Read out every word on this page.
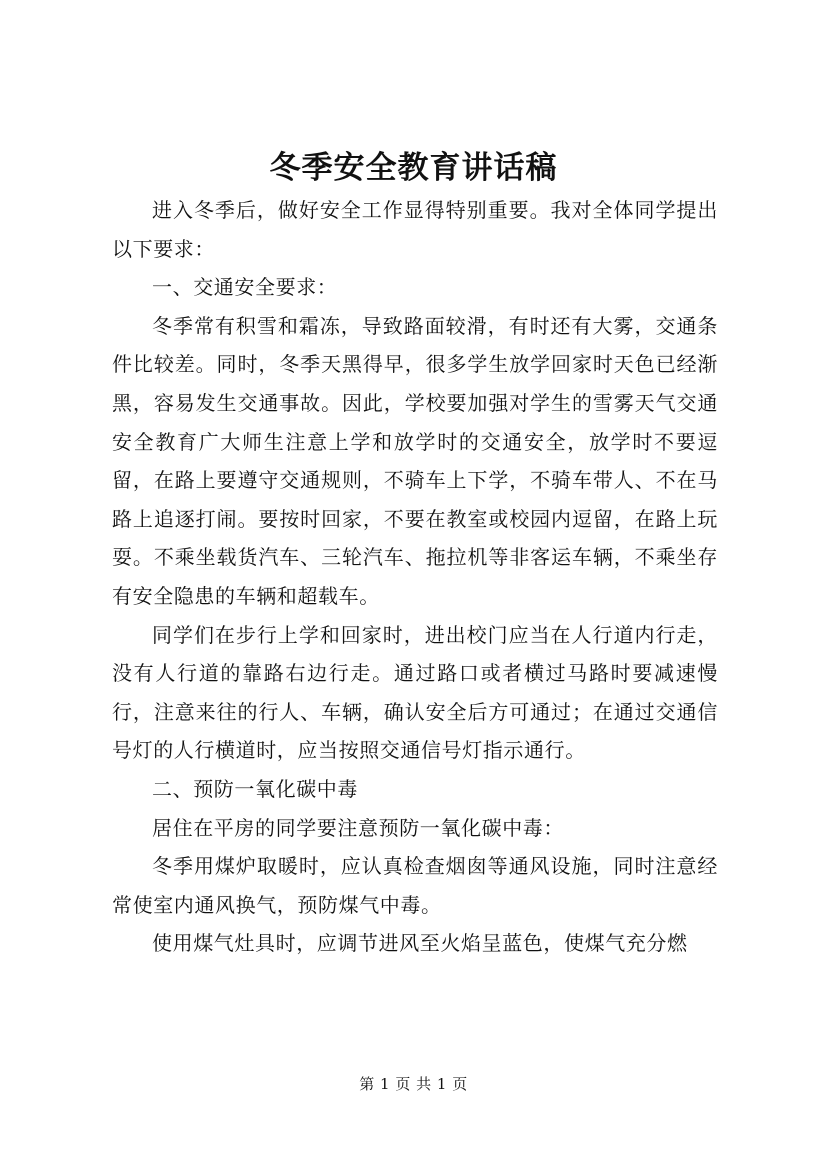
冬季安全教育讲话稿

进入冬季后，做好安全工作显得特别重要。我对全体同学提出以下要求：

一、交通安全要求：

冬季常有积雪和霜冻，导致路面较滑，有时还有大雾，交通条件比较差。同时，冬季天黑得早，很多学生放学回家时天色已经渐黑，容易发生交通事故。因此，学校要加强对学生的雪雾天气交通安全教育广大师生注意上学和放学时的交通安全，放学时不要逗留，在路上要遵守交通规则，不骑车上下学，不骑车带人、不在马路上追逐打闹。要按时回家，不要在教室或校园内逗留，在路上玩耍。不乘坐载货汽车、三轮汽车、拖拉机等非客运车辆，不乘坐存有安全隐患的车辆和超载车。

同学们在步行上学和回家时，进出校门应当在人行道内行走，没有人行道的靠路右边行走。通过路口或者横过马路时要减速慢行，注意来往的行人、车辆，确认安全后方可通过；在通过交通信号灯的人行横道时，应当按照交通信号灯指示通行。

二、预防一氧化碳中毒

居住在平房的同学要注意预防一氧化碳中毒：

冬季用煤炉取暖时，应认真检查烟囱等通风设施，同时注意经常使室内通风换气，预防煤气中毒。

使用煤气灶具时，应调节进风至火焰呈蓝色，使煤气充分燃

第 1 页 共 1 页
